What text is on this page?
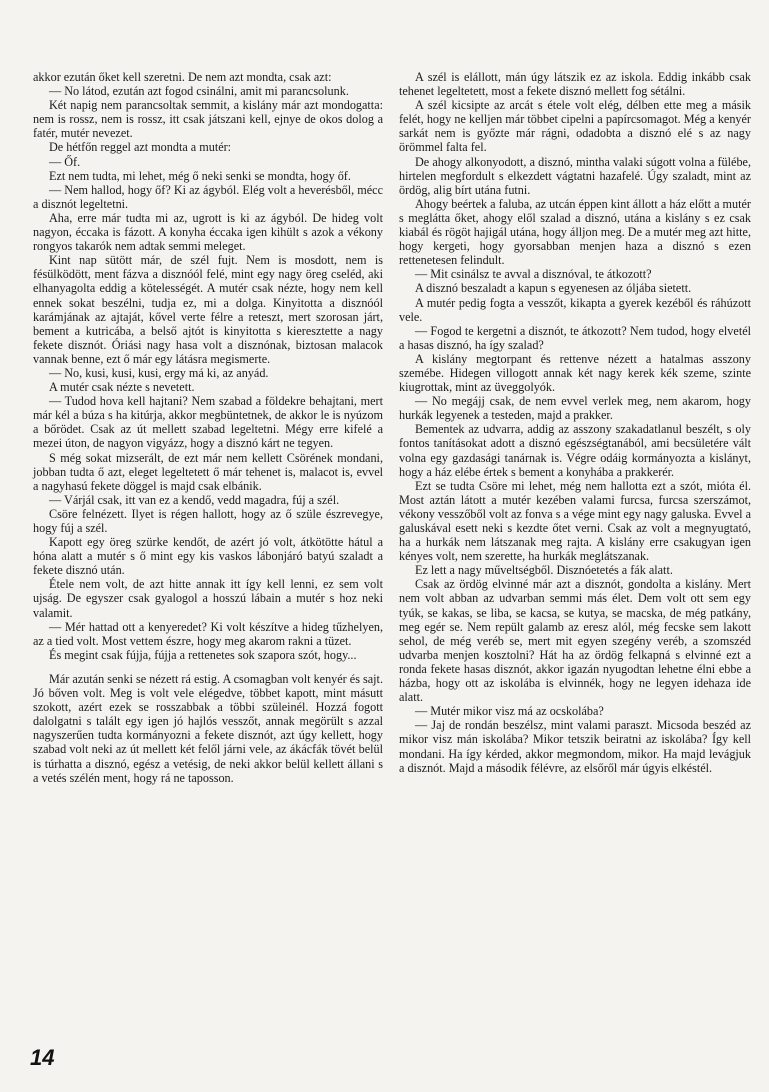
akkor ezután őket kell szeretni. De nem azt mondta, csak azt:

— No látod, ezután azt fogod csinálni, amit mi parancsolunk.

Két napig nem parancsoltak semmit, a kislány már azt mondogatta: nem is rossz, nem is rossz, itt csak játszani kell, ejnye de okos dolog a fatér, mutér nevezet.

De hétfőn reggel azt mondta a mutér:

— Őf.

Ezt nem tudta, mi lehet, még ő neki senki se mondta, hogy őf.

— Nem hallod, hogy őf? Ki az ágyból. Elég volt a heverésből, mécc a disznót legeltetni.

Aha, erre már tudta mi az, ugrott is ki az ágyból. De hideg volt nagyon, éccaka is fázott. A konyha éccaka igen kihült s azok a vékony rongyos takarók nem adtak semmi meleget.

Kint nap sütött már, de szél fujt. Nem is mosdott, nem is fésülködött, ment fázva a disznóól felé, mint egy nagy öreg cseléd, aki elhanyagolta eddig a kötelességét. A mutér csak nézte, hogy nem kell ennek sokat beszélni, tudja ez, mi a dolga. Kinyitotta a disznóól karámjának az ajtaját, kővel verte félre a reteszt, mert szorosan járt, bement a kutricába, a belső ajtót is kinyitotta s kieresztette a nagy fekete disznót. Óriási nagy hasa volt a disznónak, biztosan malacok vannak benne, ezt ő már egy látásra megismerte.

— No, kusi, kusi, kusi, ergy má ki, az anyád.

A mutér csak nézte s nevetett.

— Tudod hova kell hajtani? Nem szabad a földekre behajtani, mert már kél a búza s ha kitúrja, akkor megbüntetnek, de akkor le is nyúzom a bőrödet. Csak az út mellett szabad legeltetni. Mégy erre kifelé a mezei úton, de nagyon vigyázz, hogy a disznó kárt ne tegyen.

S még sokat mizserált, de ezt már nem kellett Csörének mondani, jobban tudta ő azt, eleget legeltetett ő már tehenet is, malacot is, evvel a nagyhasú fekete döggel is majd csak elbánik.

— Várjál csak, itt van ez a kendő, vedd magadra, fúj a szél.

Csöre felnézett. Ilyet is régen hallott, hogy az ő szüle észrevegye, hogy fúj a szél.

Kapott egy öreg szürke kendőt, de azért jó volt, átkötötte hátul a hóna alatt a mutér s ő mint egy kis vaskos lábonjáró batyú szaladt a fekete disznó után.

Étele nem volt, de azt hitte annak itt így kell lenni, ez sem volt ujság. De egyszer csak gyalogol a hosszú lábain a mutér s hoz neki valamit.

— Mér hattad ott a kenyeredet? Ki volt készítve a hideg tűzhelyen, az a tied volt. Most vettem észre, hogy meg akarom rakni a tüzet.

És megint csak fújja, fújja a rettenetes sok szapora szót, hogy...

Már azután senki se nézett rá estig. A csomagban volt kenyér és sajt. Jó bőven volt. Meg is volt vele elégedve, többet kapott, mint másutt szokott, azért ezek se rosszabbak a többi szüleinél. Hozzá fogott dalolgatni s talált egy igen jó hajlós vesszőt, annak megörült s azzal nagyszerűen tudta kormányozni a fekete disznót, azt úgy kellett, hogy szabad volt neki az út mellett két felől járni vele, az ákácfák tövét belül is túrhatta a disznó, egész a vetésig, de neki akkor belül kellett állani s a vetés szélén ment, hogy rá ne taposson.

A szél is elállott, mán úgy látszik ez az iskola. Eddig inkább csak tehenet legeltetett, most a fekete disznó mellett fog sétálni.

A szél kicsipte az arcát s étele volt elég, délben ette meg a másik felét, hogy ne kelljen már többet cipelni a papírcsomagot. Még a kenyér sarkát nem is győzte már rágni, odadobta a disznó elé s az nagy örömmel falta fel.

De ahogy alkonyodott, a disznó, mintha valaki súgott volna a fülébe, hirtelen megfordult s elkezdett vágtatni hazafelé. Úgy szaladt, mint az ördög, alig bírt utána futni.

Ahogy beértek a faluba, az utcán éppen kint állott a ház előtt a mutér s meglátta őket, ahogy elől szalad a disznó, utána a kislány s ez csak kiabál és rögöt hajigál utána, hogy álljon meg. De a mutér meg azt hitte, hogy kergeti, hogy gyorsabban menjen haza a disznó s ezen rettenetesen felindult.

— Mit csinálsz te avval a disznóval, te átkozott?

A disznó beszaladt a kapun s egyenesen az óljába sietett.

A mutér pedig fogta a vesszőt, kikapta a gyerek kezéből és ráhúzott vele.

— Fogod te kergetni a disznót, te átkozott? Nem tudod, hogy elvetél a hasas disznó, ha így szalad?

A kislány megtorpant és rettenve nézett a hatalmas asszony szemébe. Hidegen villogott annak két nagy kerek kék szeme, szinte kiugrottak, mint az üveggolyók.

— No megájj csak, de nem evvel verlek meg, nem akarom, hogy hurkák legyenek a testeden, majd a prakker.

Bementek az udvarra, addig az asszony szakadatlanul beszélt, s oly fontos tanításokat adott a disznó egészségtanából, ami becsületére vált volna egy gazdasági tanárnak is. Végre odáig kormányozta a kislányt, hogy a ház elébe értek s bement a konyhába a prakkerér.

Ezt se tudta Csöre mi lehet, még nem hallotta ezt a szót, mióta él. Most aztán látott a mutér kezében valami furcsa, furcsa szerszámot, vékony vesszőből volt az fonva s a vége mint egy nagy galuska. Evvel a galuskával esett neki s kezdte őtet verni. Csak az volt a megnyugtató, ha a hurkák nem látszanak meg rajta. A kislány erre csakugyan igen kényes volt, nem szerette, ha hurkák meglátszanak.

Ez lett a nagy műveltségből. Disznóetetés a fák alatt.

Csak az ördög elvinné már azt a disznót, gondolta a kislány. Mert nem volt abban az udvarban semmi más élet. Dem volt ott sem egy tyúk, se kakas, se liba, se kacsa, se kutya, se macska, de még patkány, meg egér se. Nem repült galamb az eresz alól, még fecske sem lakott sehol, de még veréb se, mert mit egyen szegény veréb, a szomszéd udvarba menjen kosztolni? Hát ha az ördög felkapná s elvinné ezt a ronda fekete hasas disznót, akkor igazán nyugodtan lehetne élni ebbe a házba, hogy ott az iskolába is elvinnék, hogy ne legyen idehaza ide alatt.

— Mutér mikor visz má az ocskolába?

— Jaj de rondán beszélsz, mint valami paraszt. Micsoda beszéd az mikor visz mán iskolába? Mikor tetszik beiratni az iskolába? Így kell mondani. Ha így kérded, akkor megmondom, mikor. Ha majd levágjuk a disznót. Majd a második félévre, az elsőről már úgyis elkéstél.

14
